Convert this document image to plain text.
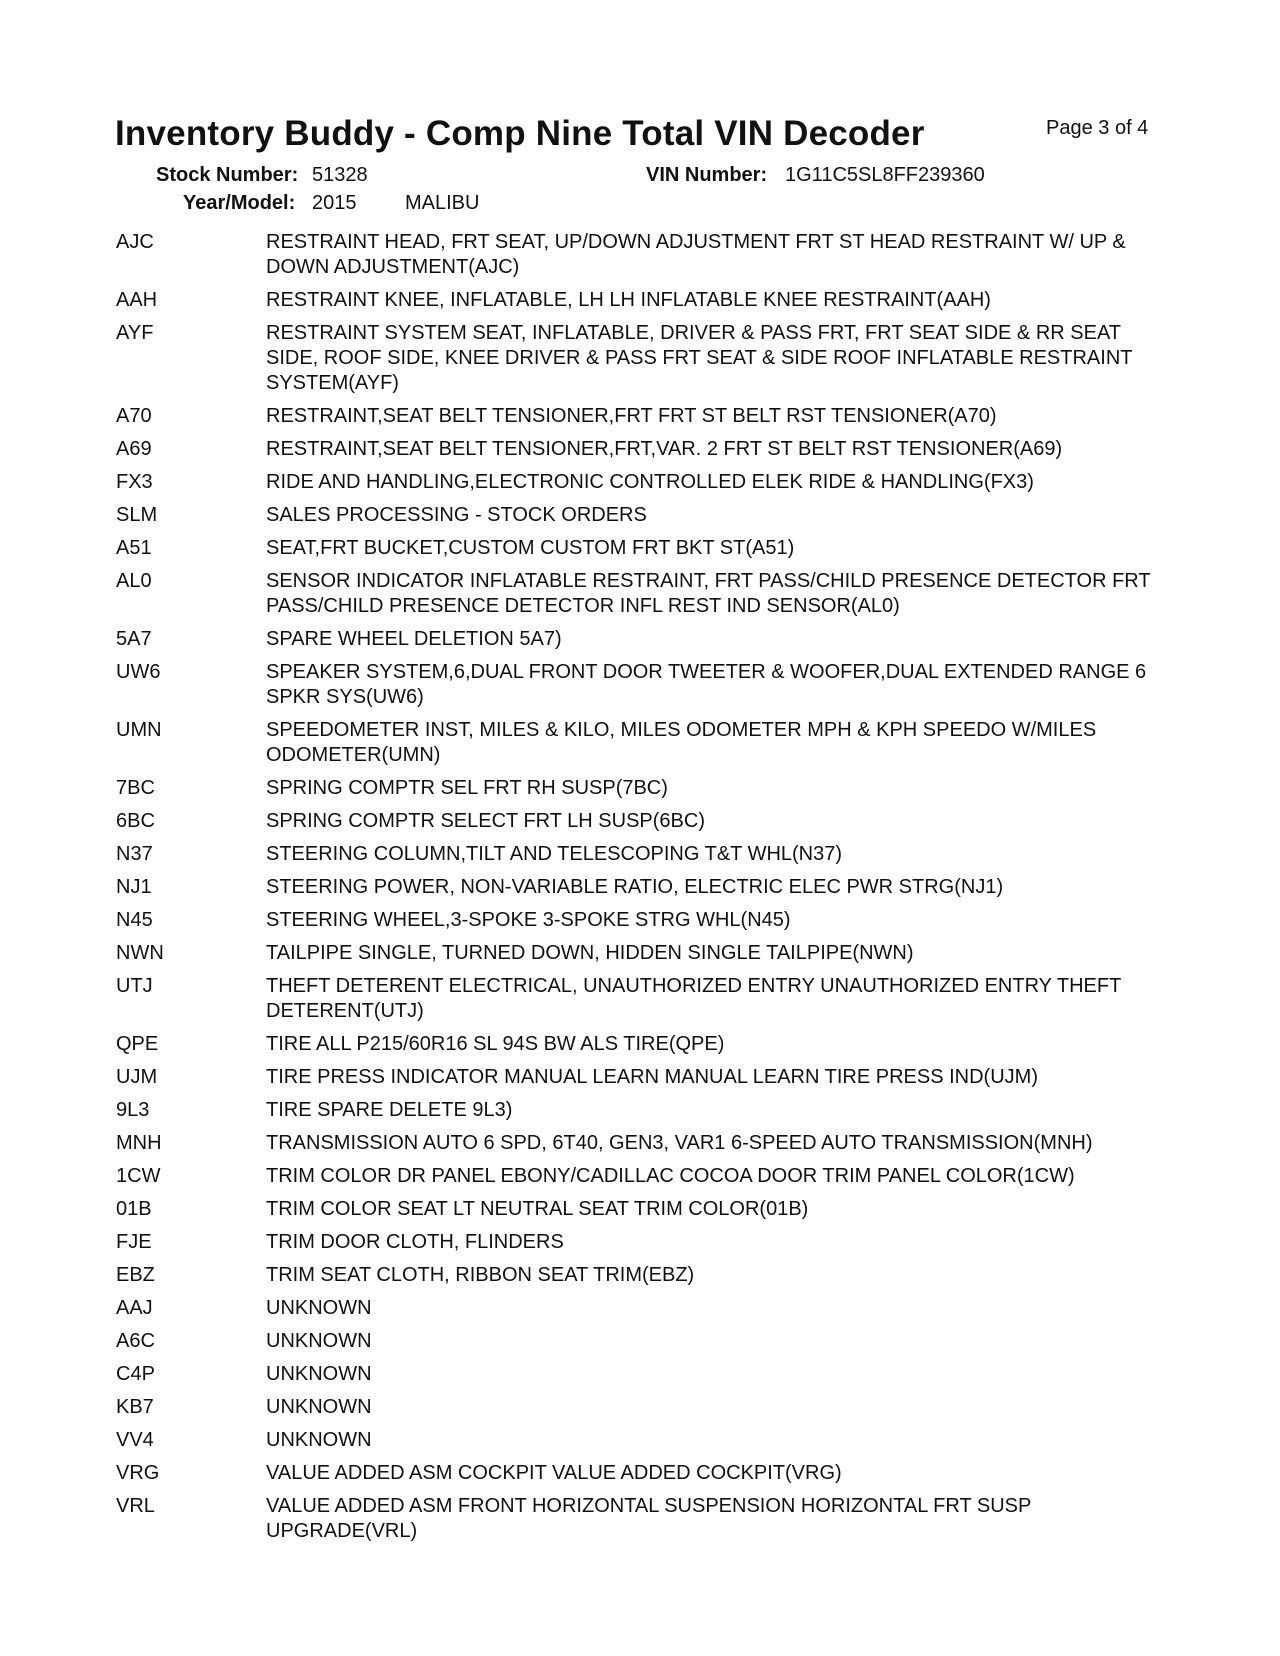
Inventory Buddy - Comp Nine Total VIN Decoder	Page 3 of 4
Stock Number: 51328	VIN Number: 1G11C5SL8FF239360
Year/Model: 2015 MALIBU
AJC	RESTRAINT HEAD, FRT SEAT, UP/DOWN ADJUSTMENT FRT ST HEAD RESTRAINT W/ UP & DOWN ADJUSTMENT(AJC)
AAH	RESTRAINT KNEE, INFLATABLE, LH LH INFLATABLE KNEE RESTRAINT(AAH)
AYF	RESTRAINT SYSTEM SEAT, INFLATABLE, DRIVER & PASS FRT, FRT SEAT SIDE & RR SEAT SIDE, ROOF SIDE, KNEE DRIVER & PASS FRT SEAT & SIDE ROOF INFLATABLE RESTRAINT SYSTEM(AYF)
A70	RESTRAINT,SEAT BELT TENSIONER,FRT FRT ST BELT RST TENSIONER(A70)
A69	RESTRAINT,SEAT BELT TENSIONER,FRT,VAR. 2 FRT ST BELT RST TENSIONER(A69)
FX3	RIDE AND HANDLING,ELECTRONIC CONTROLLED ELEK RIDE & HANDLING(FX3)
SLM	SALES PROCESSING - STOCK ORDERS
A51	SEAT,FRT BUCKET,CUSTOM CUSTOM FRT BKT ST(A51)
AL0	SENSOR INDICATOR INFLATABLE RESTRAINT, FRT PASS/CHILD PRESENCE DETECTOR FRT PASS/CHILD PRESENCE DETECTOR INFL REST IND SENSOR(AL0)
5A7	SPARE WHEEL DELETION 5A7)
UW6	SPEAKER SYSTEM,6,DUAL FRONT DOOR TWEETER & WOOFER,DUAL EXTENDED RANGE 6 SPKR SYS(UW6)
UMN	SPEEDOMETER INST, MILES & KILO, MILES ODOMETER MPH & KPH SPEEDO W/MILES ODOMETER(UMN)
7BC	SPRING COMPTR SEL FRT RH SUSP(7BC)
6BC	SPRING COMPTR SELECT FRT LH SUSP(6BC)
N37	STEERING COLUMN,TILT AND TELESCOPING T&T WHL(N37)
NJ1	STEERING POWER, NON-VARIABLE RATIO, ELECTRIC ELEC PWR STRG(NJ1)
N45	STEERING WHEEL,3-SPOKE 3-SPOKE STRG WHL(N45)
NWN	TAILPIPE SINGLE, TURNED DOWN, HIDDEN SINGLE TAILPIPE(NWN)
UTJ	THEFT DETERENT ELECTRICAL, UNAUTHORIZED ENTRY UNAUTHORIZED ENTRY THEFT DETERENT(UTJ)
QPE	TIRE ALL P215/60R16 SL 94S BW ALS TIRE(QPE)
UJM	TIRE PRESS INDICATOR MANUAL LEARN MANUAL LEARN TIRE PRESS IND(UJM)
9L3	TIRE SPARE DELETE 9L3)
MNH	TRANSMISSION AUTO 6 SPD, 6T40, GEN3, VAR1 6-SPEED AUTO TRANSMISSION(MNH)
1CW	TRIM COLOR DR PANEL EBONY/CADILLAC COCOA DOOR TRIM PANEL COLOR(1CW)
01B	TRIM COLOR SEAT LT NEUTRAL SEAT TRIM COLOR(01B)
FJE	TRIM DOOR CLOTH, FLINDERS
EBZ	TRIM SEAT CLOTH, RIBBON SEAT TRIM(EBZ)
AAJ	UNKNOWN
A6C	UNKNOWN
C4P	UNKNOWN
KB7	UNKNOWN
VV4	UNKNOWN
VRG	VALUE ADDED ASM COCKPIT VALUE ADDED COCKPIT(VRG)
VRL	VALUE ADDED ASM FRONT HORIZONTAL SUSPENSION HORIZONTAL FRT SUSP UPGRADE(VRL)
